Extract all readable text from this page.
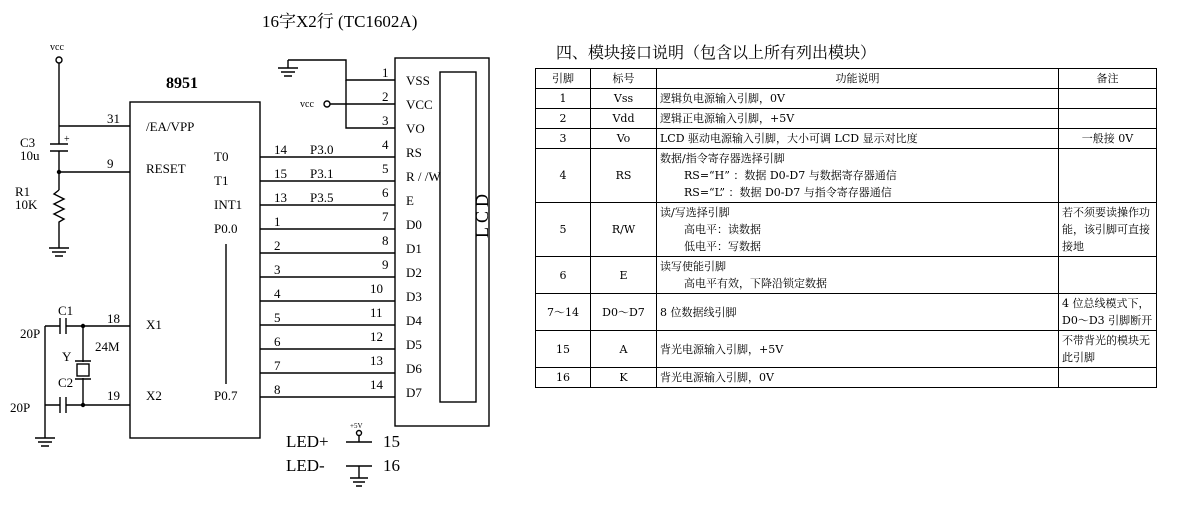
16字X2行 (TC1602A)
vcc
31
+
C3
10u
9
R1
10K
8951
/EA/VPP
RESET
X1
X2
T0
T1
INT1
P0.0
P0.7
C1
20P
18
C2
20P
19
Y
24M
LCD
vcc
LED+
LED-
+5V
15
16
1
VSS
2
VCC
3
VO
4
RS
5
R / /W
6
E
7
D0
8
D1
9
D2
10
D3
11
D4
12
D5
13
D6
14
D7
14
15
13
1
2
3
4
5
6
7
8
P3.0
P3.1
P3.5
四、模块接口说明（包含以上所有列出模块）
引脚	标号	功能说明	备注
1	Vss	逻辑负电源输入引脚，0V	

2	Vdd	逻辑正电源输入引脚，+5V	

3	Vo	LCD 驱动电源输入引脚，大小可调 LCD 显示对比度	一般接 0V
4	RS	数据/指令寄存器选择引脚
RS=“H” ：数据 D0-D7 与数据寄存器通信
RS=“L” ：数据 D0-D7 与指令寄存器通信	

5	R/W	读/写选择引脚
高电平：读数据
低电平：写数据	若不须要读操作功能，该引脚可直接接地
6	E	读写使能引脚
高电平有效，下降沿锁定数据	

7～14	D0～D7	8 位数据线引脚	4 位总线模式下，D0～D3 引脚断开
15	A	背光电源输入引脚，+5V	不带背光的模块无此引脚
16	K	背光电源输入引脚，0V	
